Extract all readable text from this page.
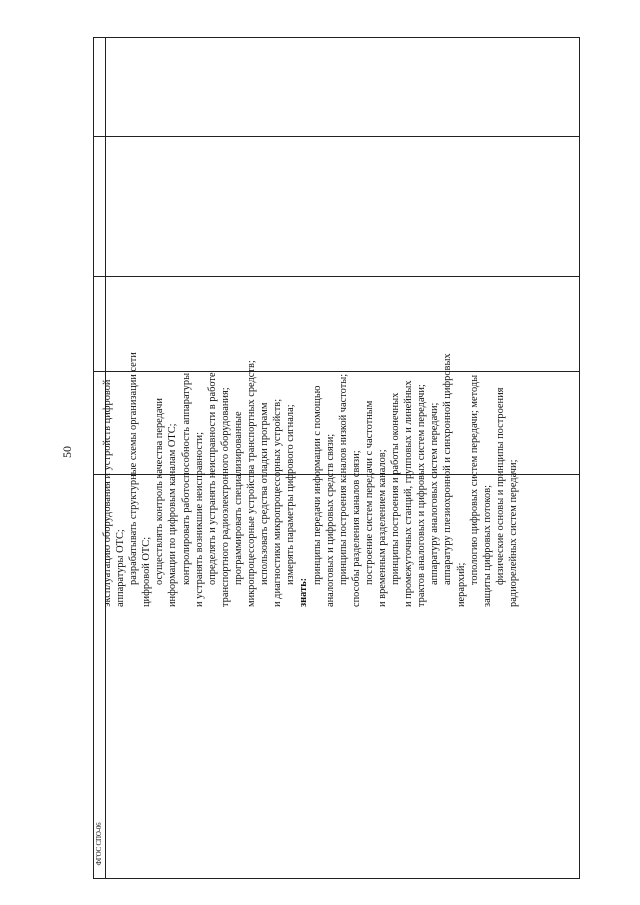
50	эксплуатацию оборудования и устройств цифровой аппаратуры ОТС; разрабатывать структурные схемы организации сети цифровой ОТС; осуществлять контроль качества передачи информации по цифровым каналам ОТС; контролировать работоспособность аппаратуры и устранять возникшие неисправности; определять и устранять неисправности в работе транспортного радиоэлектронного оборудования; программировать специализированные микропроцессорные устройства транспортных средств; использовать средства отладки программ и диагностики микропроцессорных устройств; измерять параметры цифрового сигнала;
знать:
принципы передачи информации с помощью аналоговых и цифровых средств связи; принципы построения каналов низкой частоты; способы разделения каналов связи; построение систем передачи с частотным и временным разделением каналов; принципы построения и работы оконечных и промежуточных станций, групповых и линейных трактов аналоговых и цифровых систем передачи; аппаратуру аналоговых систем передачи; аппаратуру плезиохронной и синхронной цифровых иерархий; топологию цифровых систем передачи; методы защиты цифровых потоков; физические основы и принципы построения радиорелейных систем передачи;
ФГОС СПО-06
